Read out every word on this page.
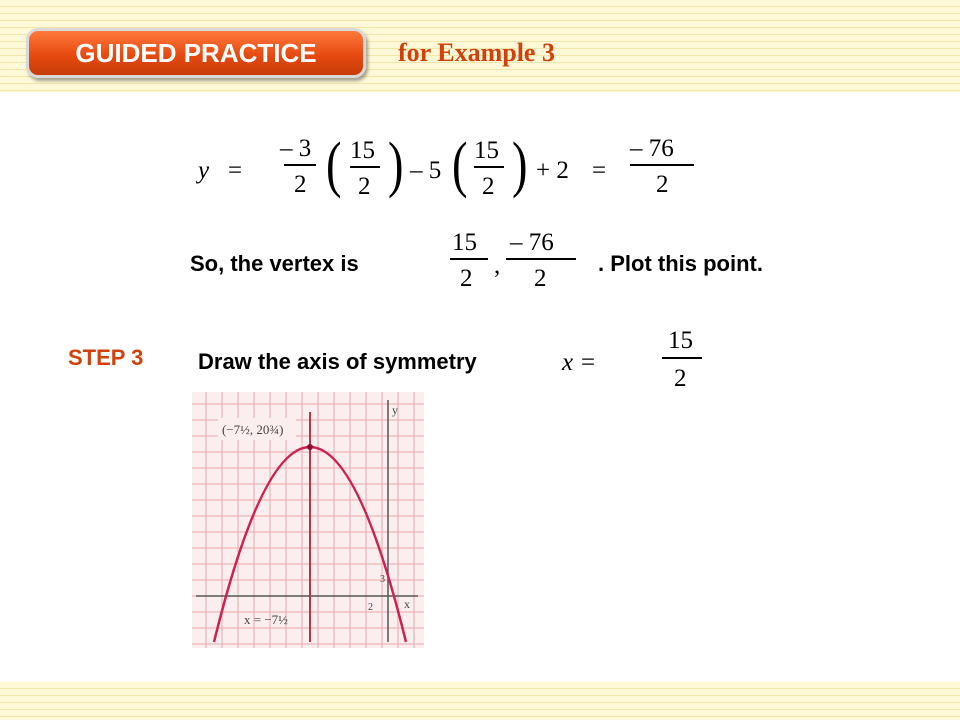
GUIDED PRACTICE	for Example 3
y =
– 3
2 ( 15
2 ) – 5 ( 15
2 ) + 2 =
– 76
2
So, the vertex is
15
2 ,
– 76
2
. Plot this point.
STEP 3 Draw the axis of symmetry	x =
15
2
(−7½, 20¾)
x = −7½
y
x
3
2
